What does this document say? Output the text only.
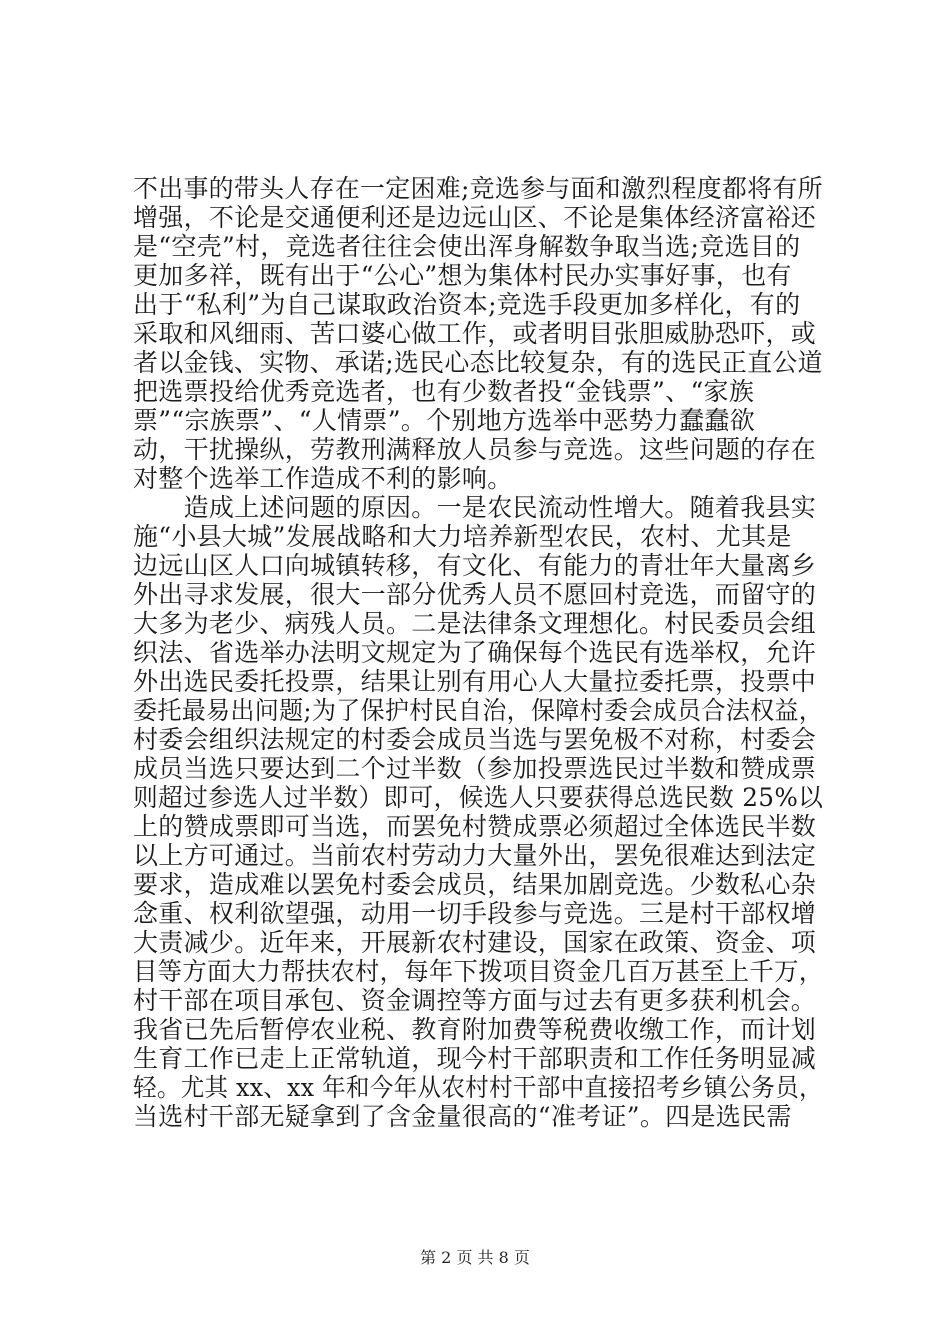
不出事的带头人存在一定困难;竞选参与面和激烈程度都将有所
增强，不论是交通便利还是边远山区、不论是集体经济富裕还
是“空壳”村，竞选者往往会使出浑身解数争取当选;竞选目的
更加多祥，既有出于“公心”想为集体村民办实事好事，也有
出于“私利”为自己谋取政治资本;竞选手段更加多样化，有的
采取和风细雨、苦口婆心做工作，或者明目张胆威胁恐吓，或
者以金钱、实物、承诺;选民心态比较复杂，有的选民正直公道
把选票投给优秀竞选者，也有少数者投“金钱票”、“家族
票”“宗族票”、“人情票”。个别地方选举中恶势力蠢蠢欲
动，干扰操纵，劳教刑满释放人员参与竞选。这些问题的存在
对整个选举工作造成不利的影响。
　　造成上述问题的原因。一是农民流动性增大。随着我县实
施“小县大城”发展战略和大力培养新型农民，农村、尤其是
边远山区人口向城镇转移，有文化、有能力的青壮年大量离乡
外出寻求发展，很大一部分优秀人员不愿回村竞选，而留守的
大多为老少、病残人员。二是法律条文理想化。村民委员会组
织法、省选举办法明文规定为了确保每个选民有选举权，允许
外出选民委托投票，结果让别有用心人大量拉委托票，投票中
委托最易出问题;为了保护村民自治，保障村委会成员合法权益，
村委会组织法规定的村委会成员当选与罢免极不对称，村委会
成员当选只要达到二个过半数（参加投票选民过半数和赞成票
则超过参选人过半数）即可，候选人只要获得总选民数 25%以
上的赞成票即可当选，而罢免村赞成票必须超过全体选民半数
以上方可通过。当前农村劳动力大量外出，罢免很难达到法定
要求，造成难以罢免村委会成员，结果加剧竞选。少数私心杂
念重、权利欲望强，动用一切手段参与竞选。三是村干部权增
大责减少。近年来，开展新农村建设，国家在政策、资金、项
目等方面大力帮扶农村，每年下拨项目资金几百万甚至上千万，
村干部在项目承包、资金调控等方面与过去有更多获利机会。
我省已先后暂停农业税、教育附加费等税费收缴工作，而计划
生育工作已走上正常轨道，现今村干部职责和工作任务明显减
轻。尤其 xx、xx 年和今年从农村村干部中直接招考乡镇公务员，
当选村干部无疑拿到了含金量很高的“准考证”。四是选民需
第 2 页 共 8 页
